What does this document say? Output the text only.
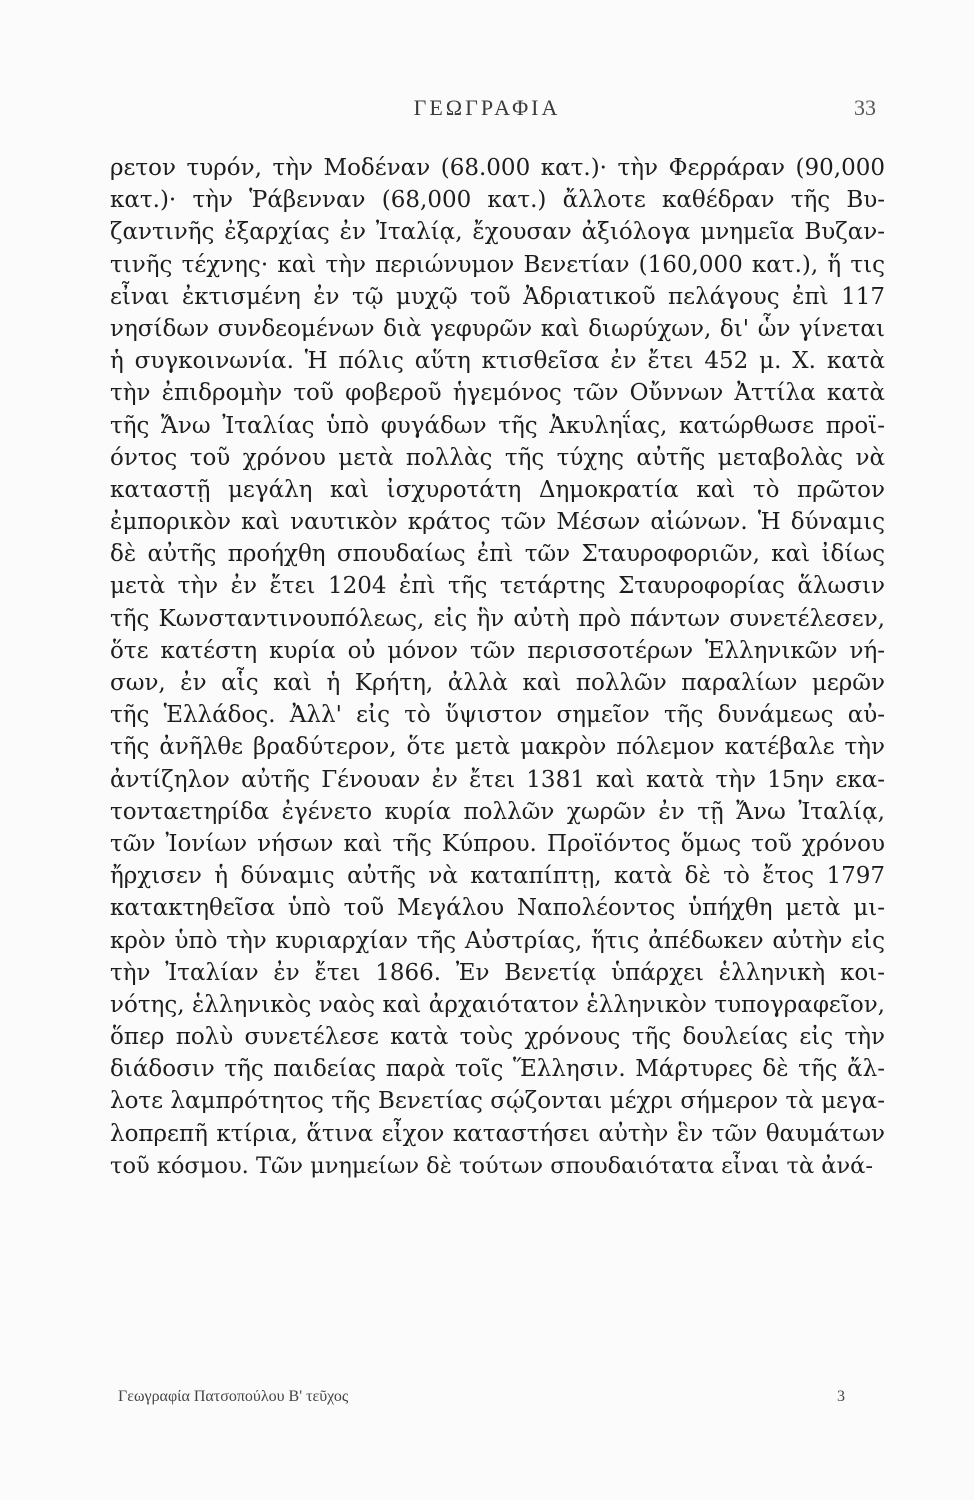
ΓΕΩΓΡΑΦΙΑ	33
ρετον τυρόν, τὴν Μοδέναν (68.000 κατ.)· τὴν Φερράραν (90,000
κατ.)· τὴν Ῥάβενναν (68,000 κατ.) ἄλλοτε καθέδραν τῆς Βυ-
ζαντινῆς ἐξαρχίας ἐν Ἰταλίᾳ, ἔχουσαν ἀξιόλογα μνημεῖα Βυζαν-
τινῆς τέχνης· καὶ τὴν περιώνυμον Βενετίαν (160,000 κατ.), ἥ τις
εἶναι ἐκτισμένη ἐν τῷ μυχῷ τοῦ Ἀδριατικοῦ πελάγους ἐπὶ 117
νησίδων συνδεομένων διὰ γεφυρῶν καὶ διωρύχων, δι' ὧν γίνεται
ἡ συγκοινωνία. Ἡ πόλις αὕτη κτισθεῖσα ἐν ἔτει 452 μ. Χ. κατὰ
τὴν ἐπιδρομὴν τοῦ φοβεροῦ ἡγεμόνος τῶν Οὔννων Ἀττίλα κατὰ
τῆς Ἄνω Ἰταλίας ὑπὸ φυγάδων τῆς Ἀκυληΐας, κατώρθωσε προϊ-
όντος τοῦ χρόνου μετὰ πολλὰς τῆς τύχης αὐτῆς μεταβολὰς νὰ
καταστῇ μεγάλη καὶ ἰσχυροτάτη Δημοκρατία καὶ τὸ πρῶτον
ἐμπορικὸν καὶ ναυτικὸν κράτος τῶν Μέσων αἰώνων. Ἡ δύναμις
δὲ αὐτῆς προήχθη σπουδαίως ἐπὶ τῶν Σταυροφοριῶν, καὶ ἰδίως
μετὰ τὴν ἐν ἔτει 1204 ἐπὶ τῆς τετάρτης Σταυροφορίας ἅλωσιν
τῆς Κωνσταντινουπόλεως, εἰς ἣν αὐτὴ πρὸ πάντων συνετέλεσεν,
ὅτε κατέστη κυρία οὐ μόνον τῶν περισσοτέρων Ἑλληνικῶν νή-
σων, ἐν αἷς καὶ ἡ Κρήτη, ἀλλὰ καὶ πολλῶν παραλίων μερῶν
τῆς Ἑλλάδος. Ἀλλ' εἰς τὸ ὕψιστον σημεῖον τῆς δυνάμεως αὐ-
τῆς ἀνῆλθε βραδύτερον, ὅτε μετὰ μακρὸν πόλεμον κατέβαλε τὴν
ἀντίζηλον αὐτῆς Γένουαν ἐν ἔτει 1381 καὶ κατὰ τὴν 15ην εκα-
τονταετηρίδα ἐγένετο κυρία πολλῶν χωρῶν ἐν τῇ Ἄνω Ἰταλίᾳ,
τῶν Ἰονίων νήσων καὶ τῆς Κύπρου. Προϊόντος ὅμως τοῦ χρόνου
ἤρχισεν ἡ δύναμις αὐτῆς νὰ καταπίπτῃ, κατὰ δὲ τὸ ἔτος 1797
κατακτηθεῖσα ὑπὸ τοῦ Μεγάλου Ναπολέοντος ὑπήχθη μετὰ μι-
κρὸν ὑπὸ τὴν κυριαρχίαν τῆς Αὐστρίας, ἥτις ἀπέδωκεν αὐτὴν εἰς
τὴν Ἰταλίαν ἐν ἔτει 1866. Ἐν Βενετίᾳ ὑπάρχει ἑλληνικὴ κοι-
νότης, ἑλληνικὸς ναὸς καὶ ἀρχαιότατον ἑλληνικὸν τυπογραφεῖον,
ὅπερ πολὺ συνετέλεσε κατὰ τοὺς χρόνους τῆς δουλείας εἰς τὴν
διάδοσιν τῆς παιδείας παρὰ τοῖς Ἕλλησιν. Μάρτυρες δὲ τῆς ἄλ-
λοτε λαμπρότητος τῆς Βενετίας σῴζονται μέχρι σήμερον τὰ μεγα-
λοπρεπῆ κτίρια, ἅτινα εἶχον καταστήσει αὐτὴν ἓν τῶν θαυμάτων
τοῦ κόσμου. Τῶν μνημείων δὲ τούτων σπουδαιότατα εἶναι τὰ ἀνά-
Γεωγραφία Πατσοπούλου Β' τεῦχος	3
